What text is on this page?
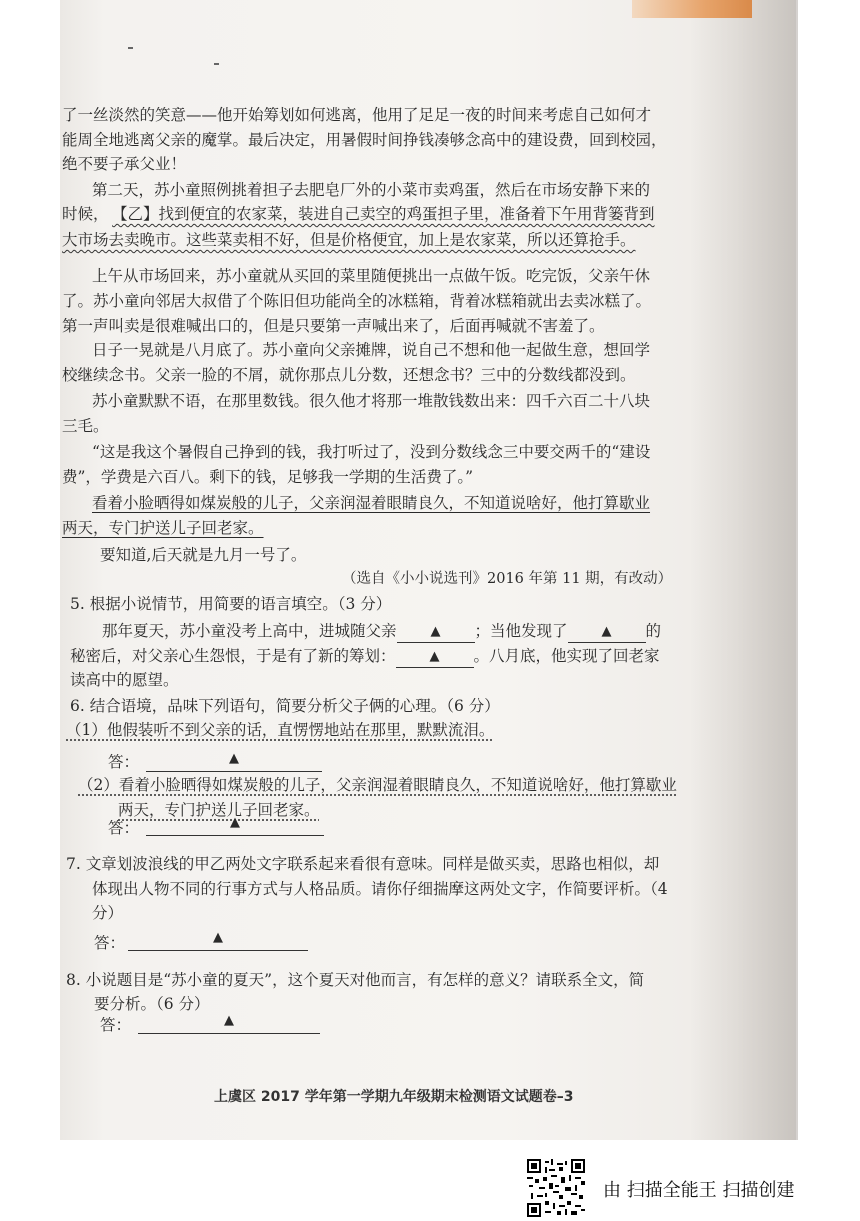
了一丝淡然的笑意——他开始筹划如何逃离，他用了足足一夜的时间来考虑自己如何才
能周全地逃离父亲的魔掌。最后决定，用暑假时间挣钱凑够念高中的建设费，回到校园，
绝不要子承父业！
第二天，苏小童照例挑着担子去肥皂厂外的小菜市卖鸡蛋，然后在市场安静下来的
时候， 【乙】找到便宜的农家菜，装进自己卖空的鸡蛋担子里，准备着下午用背篓背到
大市场去卖晚市。这些菜卖相不好，但是价格便宜，加上是农家菜，所以还算抢手。
上午从市场回来，苏小童就从买回的菜里随便挑出一点做午饭。吃完饭，父亲午休
了。苏小童向邻居大叔借了个陈旧但功能尚全的冰糕箱，背着冰糕箱就出去卖冰糕了。
第一声叫卖是很难喊出口的，但是只要第一声喊出来了，后面再喊就不害羞了。
日子一晃就是八月底了。苏小童向父亲摊牌，说自己不想和他一起做生意，想回学
校继续念书。父亲一脸的不屑，就你那点儿分数，还想念书？三中的分数线都没到。
苏小童默默不语，在那里数钱。很久他才将那一堆散钱数出来：四千六百二十八块
三毛。
“这是我这个暑假自己挣到的钱，我打听过了，没到分数线念三中要交两千的“建设
费”，学费是六百八。剩下的钱，足够我一学期的生活费了。”
看着小脸晒得如煤炭般的儿子，父亲润湿着眼睛良久，不知道说啥好，他打算歇业
两天，专门护送儿子回老家。
要知道,后天就是九月一号了。
（选自《小小说选刊》2016 年第 11 期，有改动）
5. 根据小说情节，用简要的语言填空。（3 分）
那年夏天，苏小童没考上高中，进城随父亲	▲ ；当他发现了	▲ 的
秘密后，对父亲心生怨恨，于是有了新的筹划：	▲ 。八月底，他实现了回老家
读高中的愿望。
6. 结合语境，品味下列语句，简要分析父子俩的心理。（6 分）
（1）他假装听不到父亲的话，直愣愣地站在那里，默默流泪。
答：	▲
（2）看着小脸晒得如煤炭般的儿子，父亲润湿着眼睛良久，不知道说啥好，他打算歇业
两天，专门护送儿子回老家。
答：	▲
7. 文章划波浪线的甲乙两处文字联系起来看很有意味。同样是做买卖，思路也相似，却
体现出人物不同的行事方式与人格品质。请你仔细揣摩这两处文字，作简要评析。（4
分）
答：	▲
8. 小说题目是“苏小童的夏天”，这个夏天对他而言，有怎样的意义？请联系全文，简
要分析。（6 分）
答：	▲
上虞区 2017 学年第一学期九年级期末检测语文试题卷–3
由 扫描全能王 扫描创建
